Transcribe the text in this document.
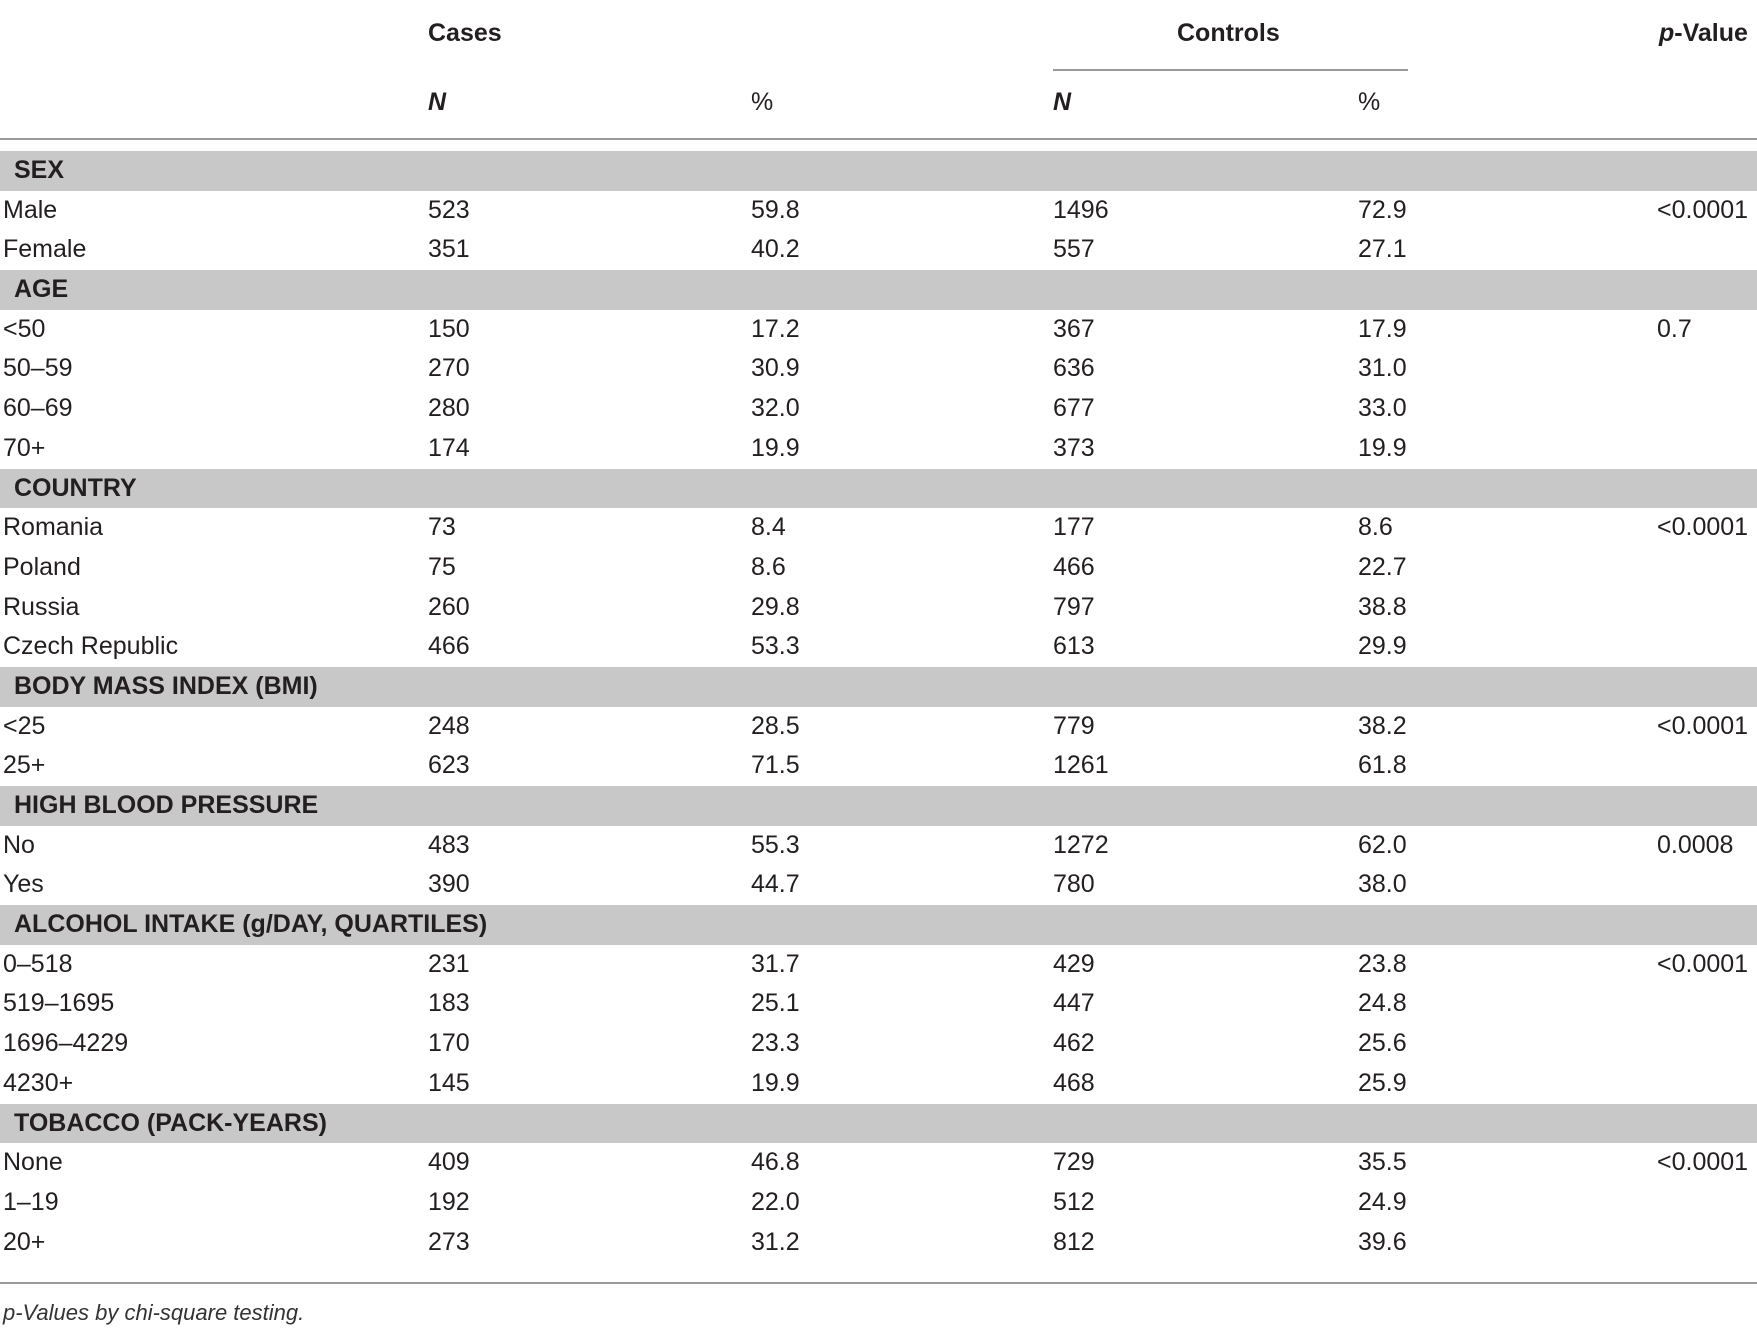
Cases	Controls	p-Value
N	%	N	%
SEX
Male	523	59.8	1496	72.9	<0.0001
Female	351	40.2	557	27.1
AGE
<50	150	17.2	367	17.9	0.7
50–59	270	30.9	636	31.0
60–69	280	32.0	677	33.0
70+	174	19.9	373	19.9
COUNTRY
Romania	73	8.4	177	8.6	<0.0001
Poland	75	8.6	466	22.7
Russia	260	29.8	797	38.8
Czech Republic	466	53.3	613	29.9
BODY MASS INDEX (BMI)
<25	248	28.5	779	38.2	<0.0001
25+	623	71.5	1261	61.8
HIGH BLOOD PRESSURE
No	483	55.3	1272	62.0	0.0008
Yes	390	44.7	780	38.0
ALCOHOL INTAKE (g/DAY, QUARTILES)
0–518	231	31.7	429	23.8	<0.0001
519–1695	183	25.1	447	24.8
1696–4229	170	23.3	462	25.6
4230+	145	19.9	468	25.9
TOBACCO (PACK-YEARS)
None	409	46.8	729	35.5	<0.0001
1–19	192	22.0	512	24.9
20+	273	31.2	812	39.6
p-Values by chi-square testing.
